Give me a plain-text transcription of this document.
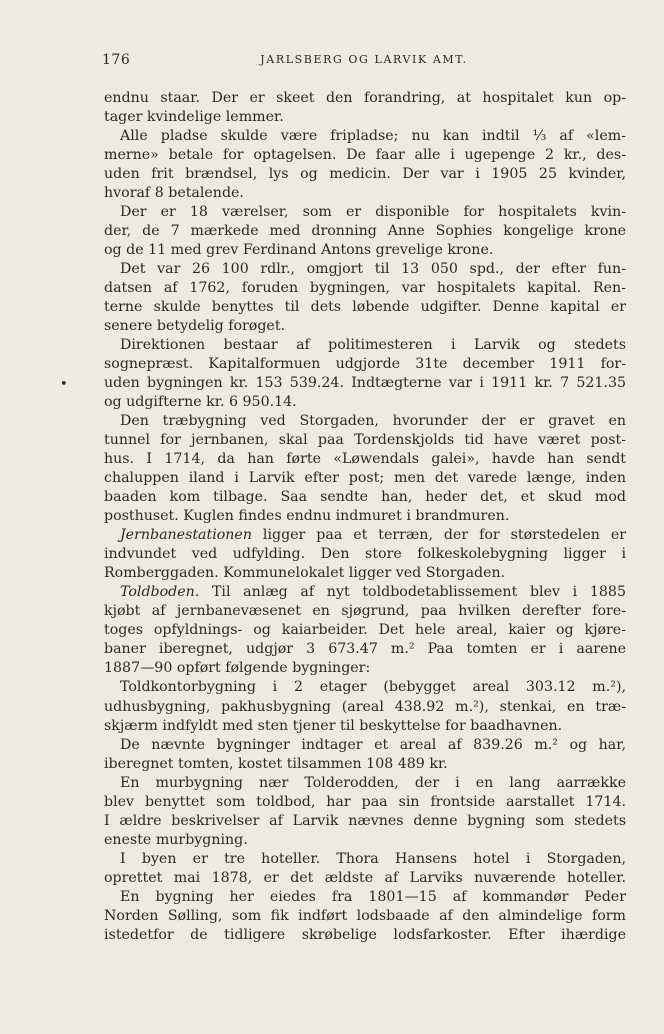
176	JARLSBERG OG LARVIK AMT.
•
endnu staar. Der er skeet den forandring, at hospitalet kun op-
tager kvindelige lemmer.
Alle pladse skulde være fripladse; nu kan indtil ⅓ af «lem-
merne» betale for optagelsen. De faar alle i ugepenge 2 kr., des-
uden frit brændsel, lys og medicin. Der var i 1905 25 kvinder,
hvoraf 8 betalende.
Der er 18 værelser, som er disponible for hospitalets kvin-
der, de 7 mærkede med dronning Anne Sophies kongelige krone
og de 11 med grev Ferdinand Antons grevelige krone.
Det var 26 100 rdlr., omgjort til 13 050 spd., der efter fun-
datsen af 1762, foruden bygningen, var hospitalets kapital. Ren-
terne skulde benyttes til dets løbende udgifter. Denne kapital er
senere betydelig forøget.
Direktionen bestaar af politimesteren i Larvik og stedets
sognepræst. Kapitalformuen udgjorde 31te december 1911 for-
uden bygningen kr. 153 539.24. Indtægterne var i 1911 kr. 7 521.35
og udgifterne kr. 6 950.14.
Den træbygning ved Storgaden, hvorunder der er gravet en
tunnel for jernbanen, skal paa Tordenskjolds tid have været post-
hus. I 1714, da han førte «Løwendals galei», havde han sendt
chaluppen iland i Larvik efter post; men det varede længe, inden
baaden kom tilbage. Saa sendte han, heder det, et skud mod
posthuset. Kuglen findes endnu indmuret i brandmuren.
Jernbanestationen ligger paa et terræn, der for størstedelen er
indvundet ved udfylding. Den store folkeskolebygning ligger i
Romberggaden. Kommunelokalet ligger ved Storgaden.
Toldboden. Til anlæg af nyt toldbodetablissement blev i 1885
kjøbt af jernbanevæsenet en sjøgrund, paa hvilken derefter fore-
toges opfyldnings- og kaiarbeider. Det hele areal, kaier og kjøre-
baner iberegnet, udgjør 3 673.47 m.² Paa tomten er i aarene
1887—90 opført følgende bygninger:
Toldkontorbygning i 2 etager (bebygget areal 303.12 m.²),
udhusbygning, pakhusbygning (areal 438.92 m.²), stenkai, en træ-
skjærm indfyldt med sten tjener til beskyttelse for baadhavnen.
De nævnte bygninger indtager et areal af 839.26 m.² og har,
iberegnet tomten, kostet tilsammen 108 489 kr.
En murbygning nær Tolderodden, der i en lang aarrække
blev benyttet som toldbod, har paa sin frontside aarstallet 1714.
I ældre beskrivelser af Larvik nævnes denne bygning som stedets
eneste murbygning.
I byen er tre hoteller. Thora Hansens hotel i Storgaden,
oprettet mai 1878, er det ældste af Larviks nuværende hoteller.
En bygning her eiedes fra 1801—15 af kommandør Peder
Norden Sølling, som fik indført lodsbaade af den almindelige form
istedetfor de tidligere skrøbelige lodsfarkoster. Efter ihærdige
